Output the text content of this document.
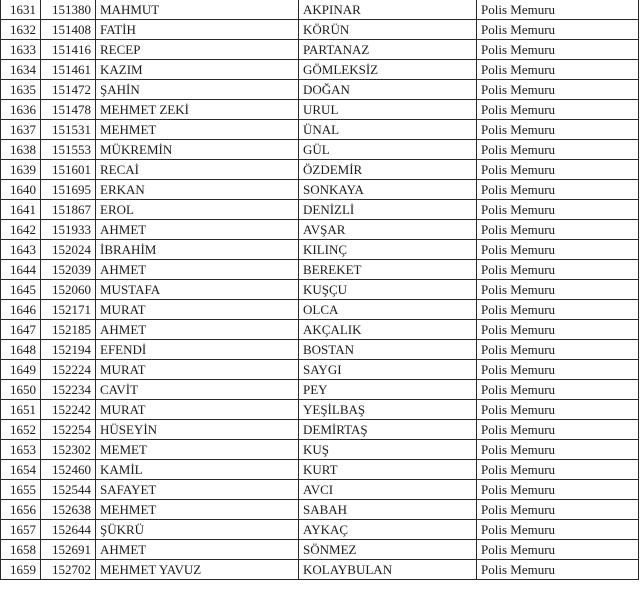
1631	151380	MAHMUT	AKPINAR	Polis Memuru
1632	151408	FATİH	KÖRÜN	Polis Memuru
1633	151416	RECEP	PARTANAZ	Polis Memuru
1634	151461	KAZIM	GÖMLEKSİZ	Polis Memuru
1635	151472	ŞAHİN	DOĞAN	Polis Memuru
1636	151478	MEHMET ZEKİ	URUL	Polis Memuru
1637	151531	MEHMET	ÜNAL	Polis Memuru
1638	151553	MÜKREMİN	GÜL	Polis Memuru
1639	151601	RECAİ	ÖZDEMİR	Polis Memuru
1640	151695	ERKAN	SONKAYA	Polis Memuru
1641	151867	EROL	DENİZLİ	Polis Memuru
1642	151933	AHMET	AVŞAR	Polis Memuru
1643	152024	İBRAHİM	KILINÇ	Polis Memuru
1644	152039	AHMET	BEREKET	Polis Memuru
1645	152060	MUSTAFA	KUŞÇU	Polis Memuru
1646	152171	MURAT	OLCA	Polis Memuru
1647	152185	AHMET	AKÇALIK	Polis Memuru
1648	152194	EFENDİ	BOSTAN	Polis Memuru
1649	152224	MURAT	SAYGI	Polis Memuru
1650	152234	CAVİT	PEY	Polis Memuru
1651	152242	MURAT	YEŞİLBAŞ	Polis Memuru
1652	152254	HÜSEYİN	DEMİRTAŞ	Polis Memuru
1653	152302	MEMET	KUŞ	Polis Memuru
1654	152460	KAMİL	KURT	Polis Memuru
1655	152544	SAFAYET	AVCI	Polis Memuru
1656	152638	MEHMET	SABAH	Polis Memuru
1657	152644	ŞÜKRÜ	AYKAÇ	Polis Memuru
1658	152691	AHMET	SÖNMEZ	Polis Memuru
1659	152702	MEHMET YAVUZ	KOLAYBULAN	Polis Memuru
